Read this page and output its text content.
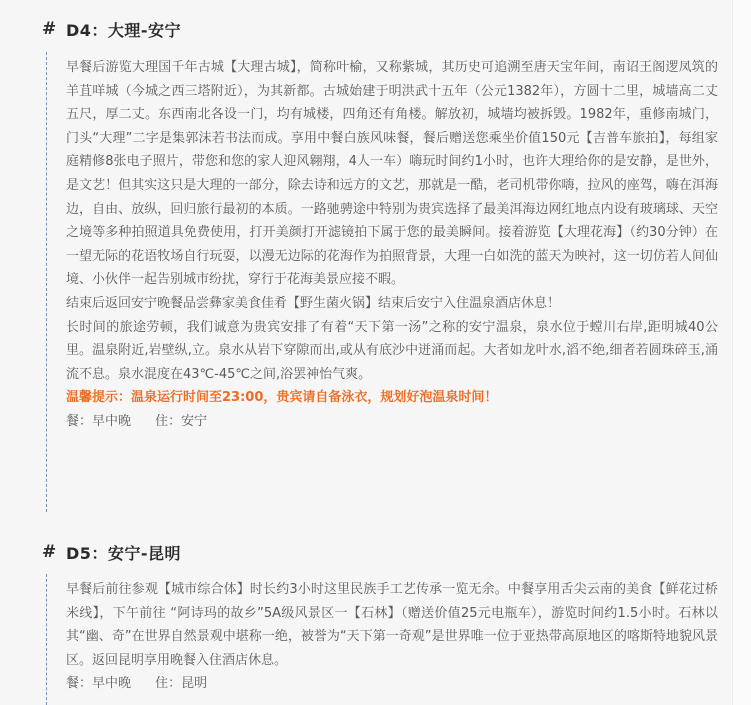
# D4：大理-安宁

早餐后游览大理国千年古城【大理古城】，简称叶榆，又称紫城，其历史可追溯至唐天宝年间，南诏王阁逻凤筑的羊苴咩城（今城之西三塔附近），为其新都。古城始建于明洪武十五年（公元1382年），方圆十二里，城墙高二丈五尺，厚二丈。东西南北各设一门，均有城楼，四角还有角楼。解放初，城墙均被拆毁。1982年，重修南城门，门头“大理”二字是集郭沫若书法而成。享用中餐白族风味餐，餐后赠送您乘坐价值150元【吉普车旅拍】，每组家庭精修8张电子照片，带您和您的家人迎风翱翔，4人一车）嗨玩时间约1小时，也许大理给你的是安静，是世外，是文艺！但其实这只是大理的一部分，除去诗和远方的文艺，那就是一酷，老司机带你嗨，拉风的座驾，嗨在洱海边，自由、放纵，回归旅行最初的本质。一路驰骋途中特别为贵宾选择了最美洱海边网红地点内设有玻璃球、天空之境等多种拍照道具免费使用，打开美颜打开滤镜拍下属于您的最美瞬间。接着游览【大理花海】（约30分钟）在一望无际的花语牧场自行玩耍，以漫无边际的花海作为拍照背景，大理一白如洗的蓝天为映衬，这一切仿若人间仙境、小伙伴一起告别城市纷扰，穿行于花海美景应接不暇。

结束后返回安宁晚餐品尝彝家美食佳肴【野生菌火锅】结束后安宁入住温泉酒店休息！

长时间的旅途劳顿，我们诚意为贵宾安排了有着“天下第一汤”之称的安宁温泉，泉水位于螳川右岸,距明城40公里。温泉附近,岩壁纵,立。泉水从岩下穿隙而出,或从有底沙中迸涌而起。大者如龙叶水,滔不绝,细者若圆珠碎玉,涌流不息。泉水混度在43℃-45℃之间,浴罢神怡气爽。

温馨提示：温泉运行时间至23:00，贵宾请自备泳衣，规划好泡温泉时间！

餐：早中晚 住：安宁

# D5：安宁-昆明

早餐后前往参观【城市综合体】时长约3小时这里民族手工艺传承一览无余。中餐享用舌尖云南的美食【鲜花过桥米线】，下午前往 “阿诗玛的故乡”5A级风景区一【石林】（赠送价值25元电瓶车），游览时间约1.5小时。石林以其“幽、奇”在世界自然景观中堪称一绝，被誉为“天下第一奇观”是世界唯一位于亚热带高原地区的喀斯特地貌风景区。返回昆明享用晚餐入住酒店休息。

餐：早中晚 住：昆明
